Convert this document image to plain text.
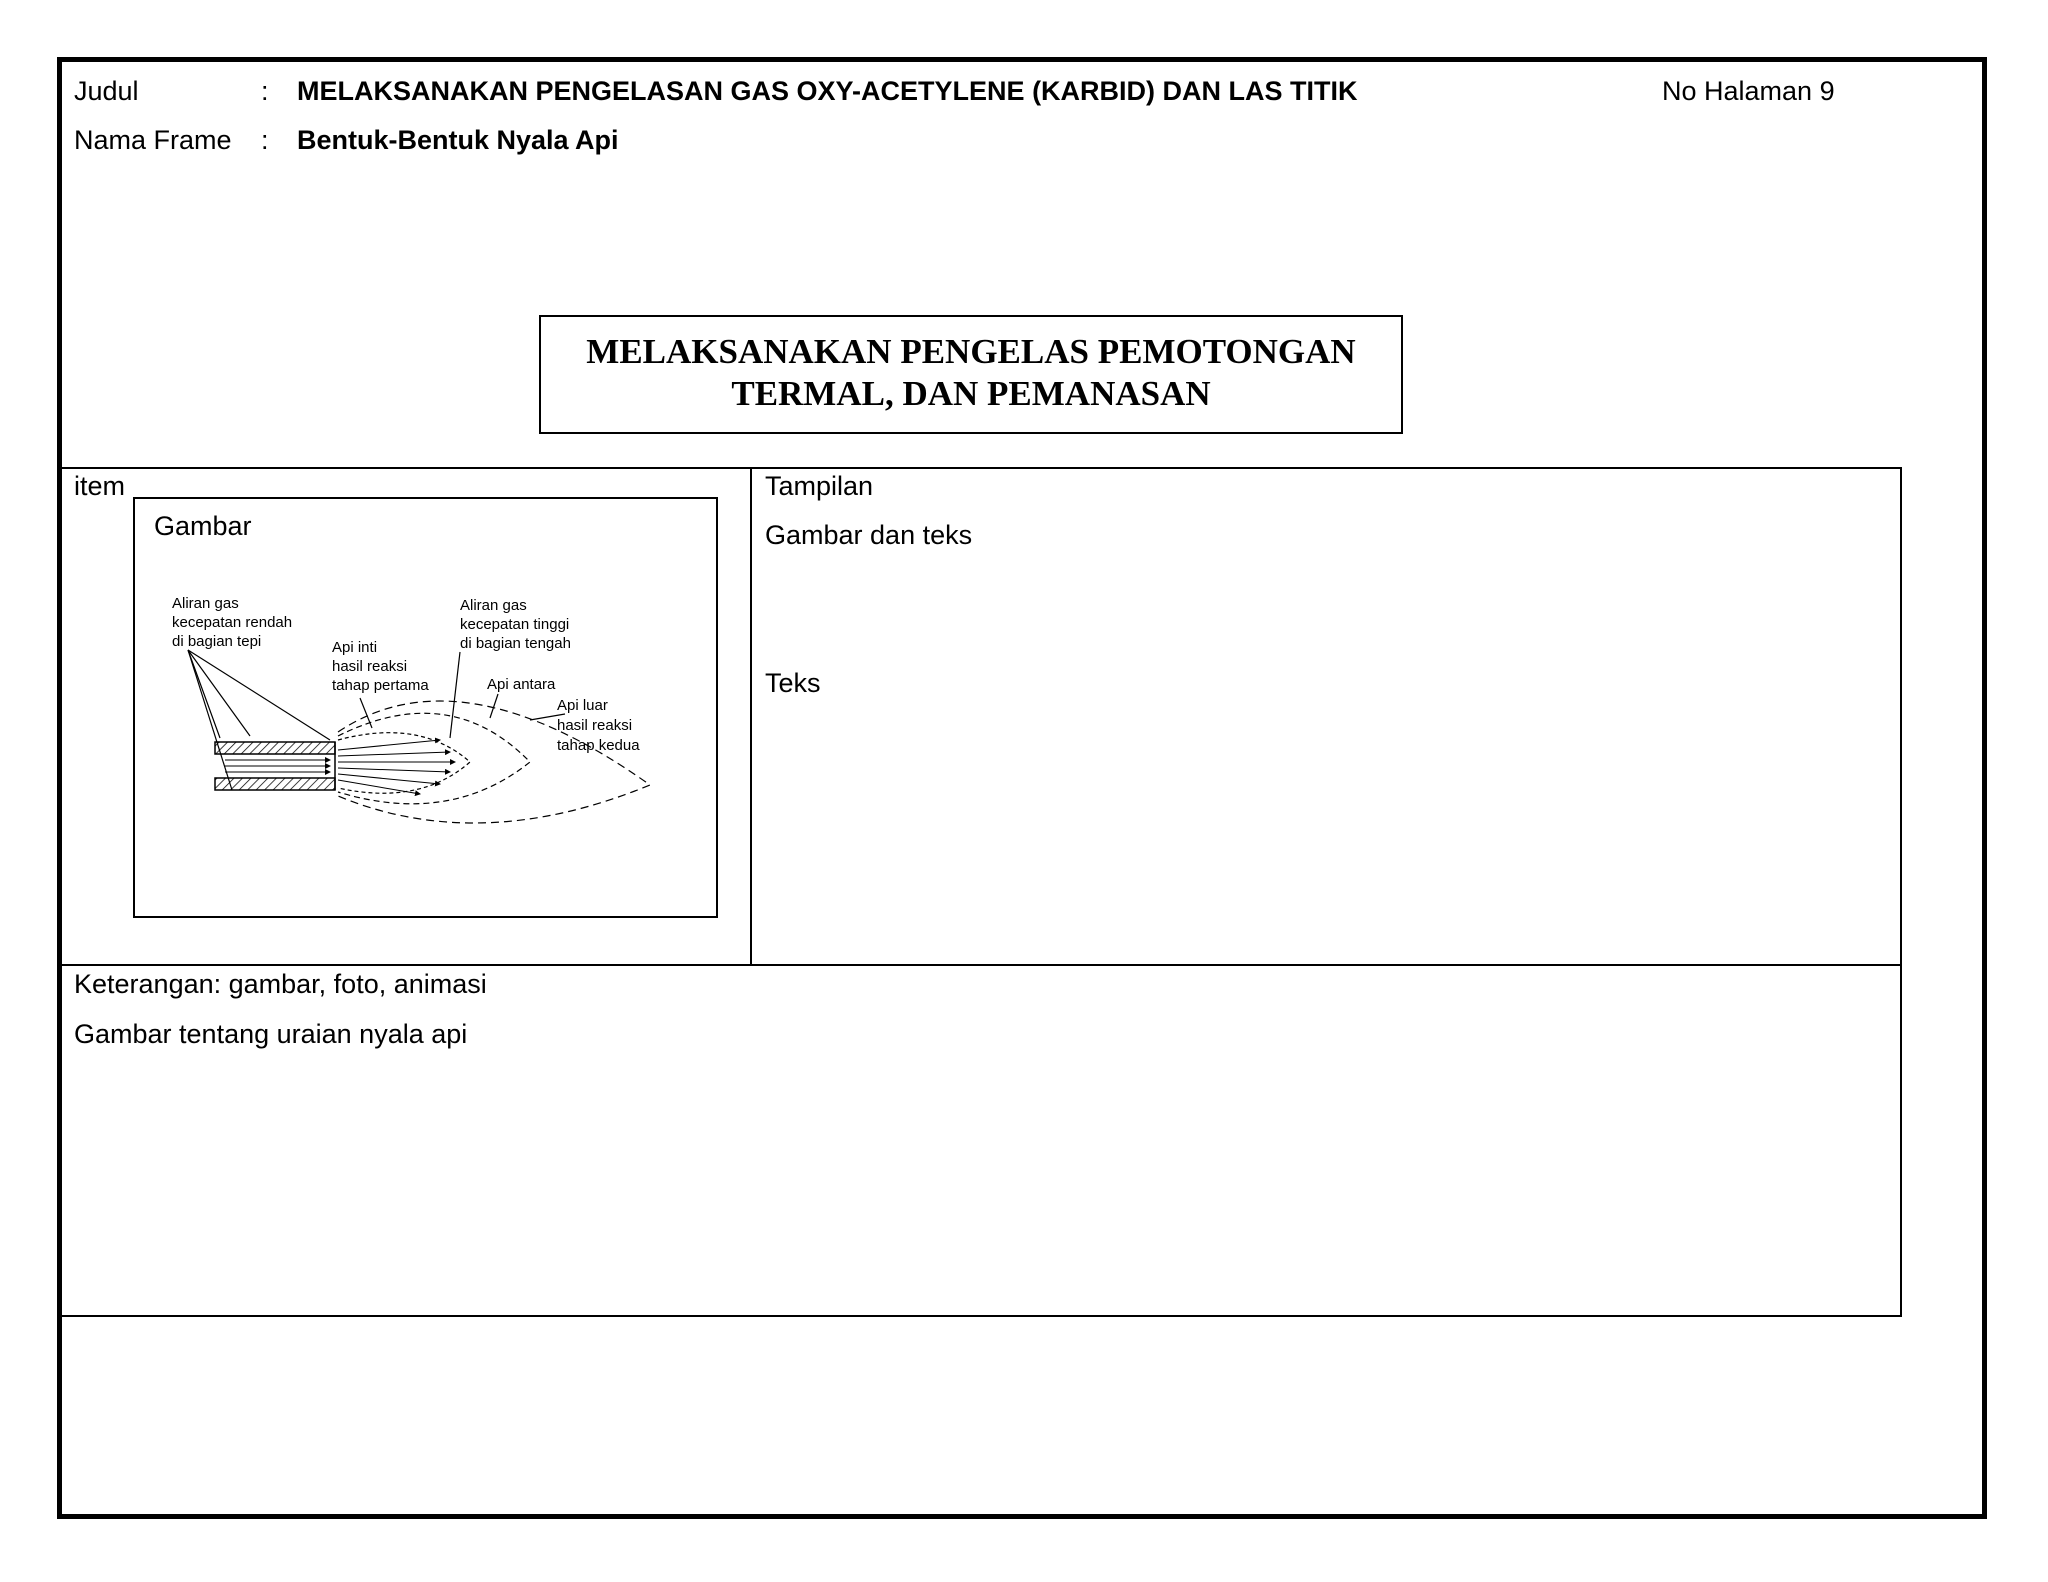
Judul	: MELAKSANAKAN PENGELASAN GAS OXY-ACETYLENE (KARBID) DAN LAS TITIK	No Halaman 9
Nama Frame : Bentuk-Bentuk Nyala Api
MELAKSANAKAN PENGELAS PEMOTONGAN
TERMAL, DAN PEMANASAN
item
Gambar
Aliran gas
kecepatan rendah
di bagian tepi
Aliran gas
kecepatan tinggi
di bagian tengah
Api inti
hasil reaksi
tahap pertama	Api antara
Api luar
hasil reaksi
tahap kedua
Tampilan
Gambar dan teks
Teks
Keterangan: gambar, foto, animasi
Gambar tentang uraian nyala api
